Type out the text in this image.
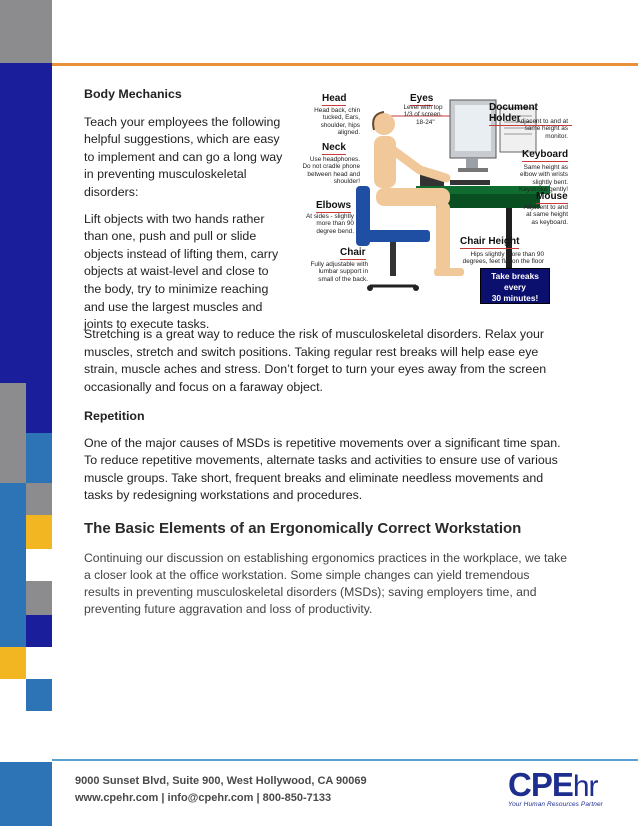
Body Mechanics

Teach your employees the following helpful suggestions, which are easy to implement and can go a long way in preventing musculoskeletal disorders:

Lift objects with two hands rather than one, push and pull or slide objects instead of lifting them, carry objects at waist-level and close to the body, try to minimize reaching and use the largest muscles and joints to execute tasks.

Head
Head back, chin tucked, Ears, shoulder, hips aligned.
Eyes
Level with top 1/3 of screen.
18-24"
Document Holder
Adjacent to and at same height as monitor.
Neck
Use headphones. Do not cradle phone between head and shoulder!
Keyboard
Same height as elbow with wrists slightly bent. Keystroke gently!
Elbows
At sides - slightly more than 90 degree bend.
Mouse
Adjacent to and at same height as keyboard.
Chair Height
Hips slightly more than 90 degrees, feet flat on the floor
Chair
Fully adjustable with lumbar support in small of the back.	Take breaks
every
30 minutes!

Stretching is a great way to reduce the risk of musculoskeletal disorders. Relax your muscles, stretch and switch positions. Taking regular rest breaks will help ease eye strain, muscle aches and stress. Don’t forget to turn your eyes away from the screen occasionally and focus on a faraway object.

Repetition

One of the major causes of MSDs is repetitive movements over a significant time span. To reduce repetitive movements, alternate tasks and activities to ensure use of various muscle groups. Take short, frequent breaks and eliminate needless movements and tasks by redesigning workstations and procedures.

The Basic Elements of an Ergonomically Correct Workstation

Continuing our discussion on establishing ergonomics practices in the workplace, we take a closer look at the office workstation. Some simple changes can yield tremendous results in preventing musculoskeletal disorders (MSDs); saving employers time, and preventing future aggravation and loss of productivity.

9000 Sunset Blvd, Suite 900, West Hollywood, CA 90069
www.cpehr.com | info@cpehr.com | 800-850-7133	CPEhr
Your Human Resources Partner
